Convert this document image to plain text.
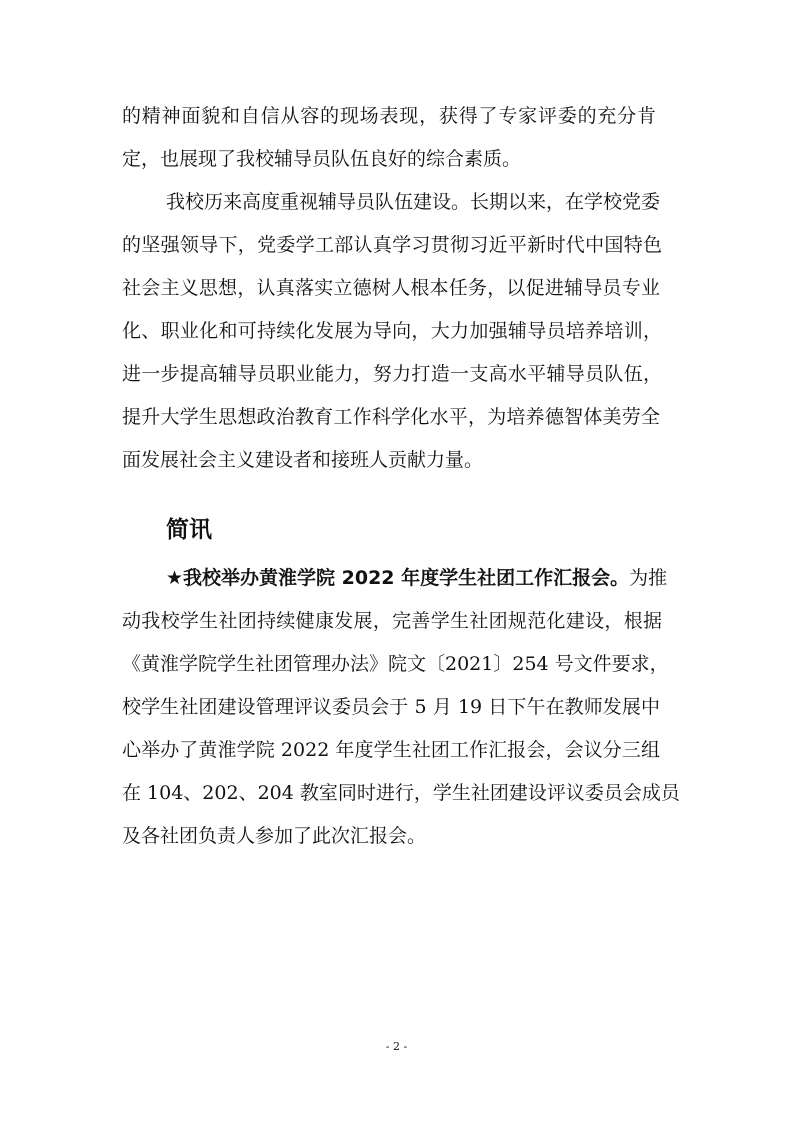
的精神面貌和自信从容的现场表现，获得了专家评委的充分肯
定，也展现了我校辅导员队伍良好的综合素质。
我校历来高度重视辅导员队伍建设。长期以来，在学校党委
的坚强领导下，党委学工部认真学习贯彻习近平新时代中国特色
社会主义思想，认真落实立德树人根本任务，以促进辅导员专业
化、职业化和可持续化发展为导向，大力加强辅导员培养培训，
进一步提高辅导员职业能力，努力打造一支高水平辅导员队伍，
提升大学生思想政治教育工作科学化水平，为培养德智体美劳全
面发展社会主义建设者和接班人贡献力量。
简讯
★我校举办黄淮学院 2022 年度学生社团工作汇报会。 为推
动我校学生社团持续健康发展，完善学生社团规范化建设，根据
《黄淮学院学生社团管理办法》院文〔2021〕254 号文件要求，
校学生社团建设管理评议委员会于 5 月 19 日下午在教师发展中
心举办了黄淮学院 2022 年度学生社团工作汇报会，会议分三组
在 104、202、204 教室同时进行，学生社团建设评议委员会成员
及各社团负责人参加了此次汇报会。
- 2 -
